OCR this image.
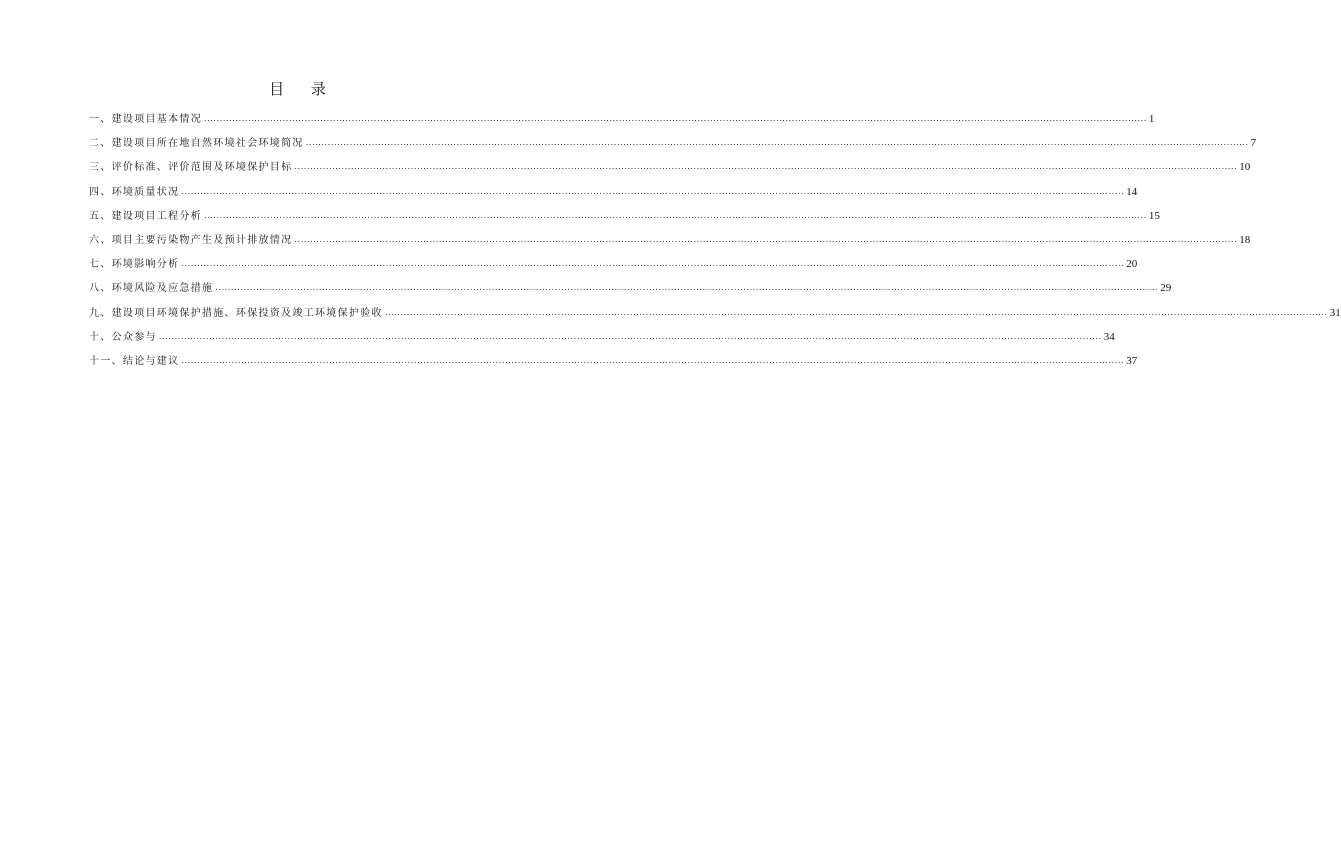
目 录
一、建设项目基本情况 ............................................................................................................................................................................................................................................................................................................ 1
二、建设项目所在地自然环境社会环境简况 ............................................................................................................................................................................................................................................................................................................ 7
三、评价标准、评价范围及环境保护目标 ............................................................................................................................................................................................................................................................................................................ 10
四、环境质量状况 ............................................................................................................................................................................................................................................................................................................ 14
五、建设项目工程分析 ............................................................................................................................................................................................................................................................................................................ 15
六、项目主要污染物产生及预计排放情况 ............................................................................................................................................................................................................................................................................................................ 18
七、环境影响分析 ............................................................................................................................................................................................................................................................................................................ 20
八、环境风险及应急措施 ............................................................................................................................................................................................................................................................................................................ 29
九、建设项目环境保护措施、环保投资及竣工环境保护验收 ............................................................................................................................................................................................................................................................................................................ 31
十、公众参与 ............................................................................................................................................................................................................................................................................................................ 34
十一、结论与建议 ............................................................................................................................................................................................................................................................................................................ 37
